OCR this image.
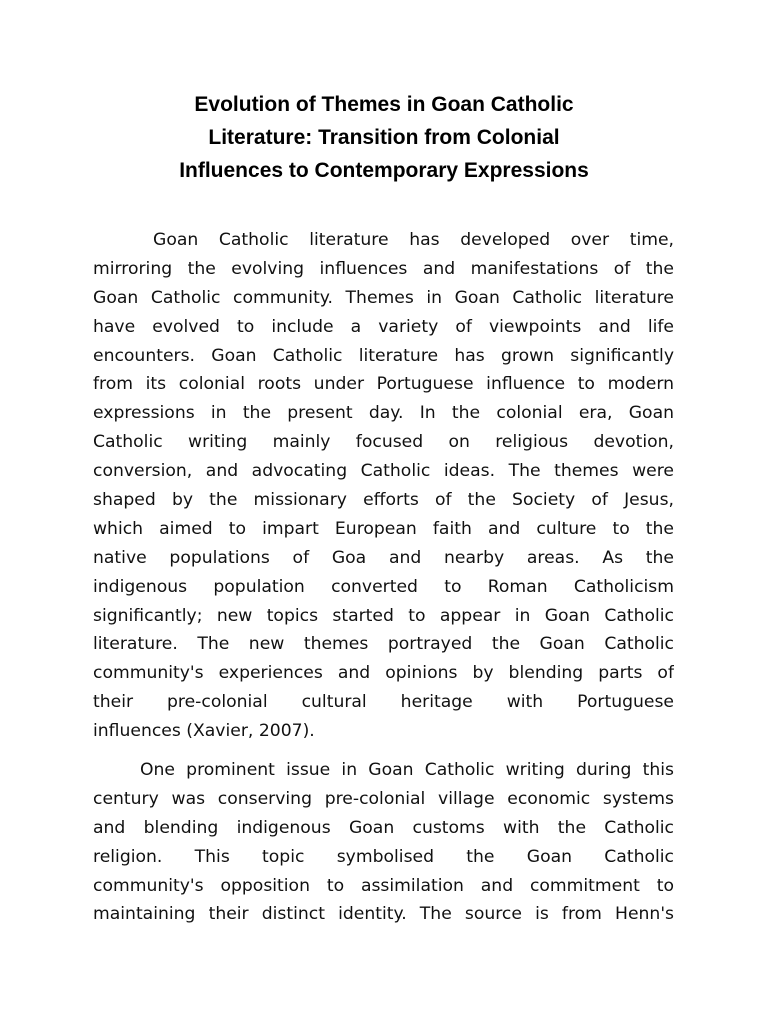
Evolution of Themes in Goan Catholic
Literature: Transition from Colonial
Influences to Contemporary Expressions
Goan Catholic literature has developed over time,
mirroring the evolving influences and manifestations of the
Goan Catholic community. Themes in Goan Catholic literature
have evolved to include a variety of viewpoints and life
encounters. Goan Catholic literature has grown significantly
from its colonial roots under Portuguese influence to modern
expressions in the present day. In the colonial era, Goan
Catholic writing mainly focused on religious devotion,
conversion, and advocating Catholic ideas. The themes were
shaped by the missionary efforts of the Society of Jesus,
which aimed to impart European faith and culture to the
native populations of Goa and nearby areas. As the
indigenous population converted to Roman Catholicism
significantly; new topics started to appear in Goan Catholic
literature. The new themes portrayed the Goan Catholic
community's experiences and opinions by blending parts of
their pre-colonial cultural heritage with Portuguese
influences (Xavier, 2007).
One prominent issue in Goan Catholic writing during this
century was conserving pre-colonial village economic systems
and blending indigenous Goan customs with the Catholic
religion. This topic symbolised the Goan Catholic
community's opposition to assimilation and commitment to
maintaining their distinct identity. The source is from Henn's
